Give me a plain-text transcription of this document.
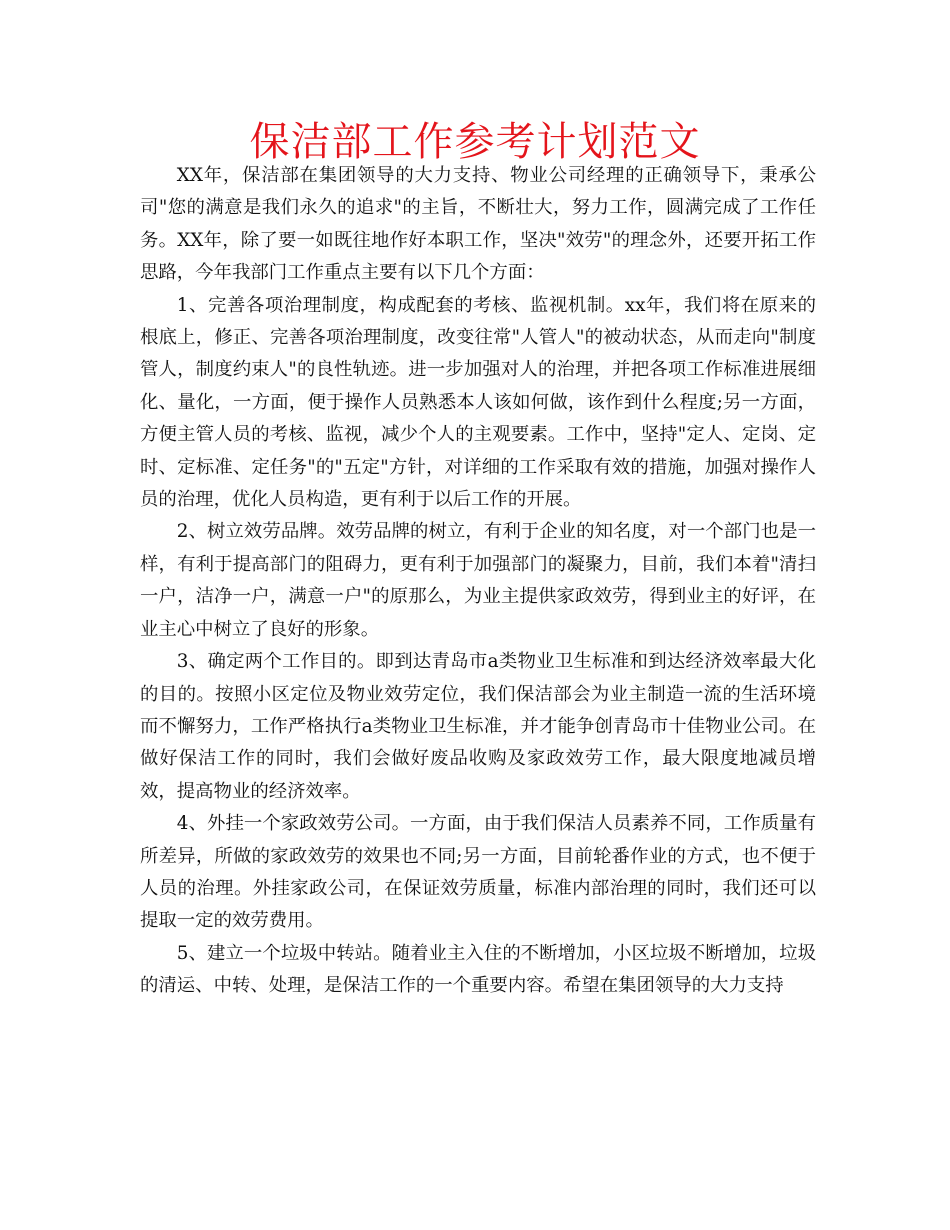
保洁部工作参考计划范文

XX年，保洁部在集团领导的大力支持、物业公司经理的正确领导下，秉承公司"您的满意是我们永久的追求"的主旨，不断壮大，努力工作，圆满完成了工作任务。XX年，除了要一如既往地作好本职工作，坚决"效劳"的理念外，还要开拓工作思路，今年我部门工作重点主要有以下几个方面：

1、完善各项治理制度，构成配套的考核、监视机制。xx年，我们将在原来的根底上，修正、完善各项治理制度，改变往常"人管人"的被动状态，从而走向"制度管人，制度约束人"的良性轨迹。进一步加强对人的治理，并把各项工作标准进展细化、量化，一方面，便于操作人员熟悉本人该如何做，该作到什么程度;另一方面，方便主管人员的考核、监视，减少个人的主观要素。工作中，坚持"定人、定岗、定时、定标准、定任务"的"五定"方针，对详细的工作采取有效的措施，加强对操作人员的治理，优化人员构造，更有利于以后工作的开展。

2、树立效劳品牌。效劳品牌的树立，有利于企业的知名度，对一个部门也是一样，有利于提高部门的阻碍力，更有利于加强部门的凝聚力，目前，我们本着"清扫一户，洁净一户，满意一户"的原那么，为业主提供家政效劳，得到业主的好评，在业主心中树立了良好的形象。

3、确定两个工作目的。即到达青岛市a类物业卫生标准和到达经济效率最大化的目的。按照小区定位及物业效劳定位，我们保洁部会为业主制造一流的生活环境而不懈努力，工作严格执行a类物业卫生标准，并才能争创青岛市十佳物业公司。在做好保洁工作的同时，我们会做好废品收购及家政效劳工作，最大限度地减员增效，提高物业的经济效率。

4、外挂一个家政效劳公司。一方面，由于我们保洁人员素养不同，工作质量有所差异，所做的家政效劳的效果也不同;另一方面，目前轮番作业的方式，也不便于人员的治理。外挂家政公司，在保证效劳质量，标准内部治理的同时，我们还可以提取一定的效劳费用。

5、建立一个垃圾中转站。随着业主入住的不断增加，小区垃圾不断增加，垃圾的清运、中转、处理，是保洁工作的一个重要内容。希望在集团领导的大力支持
